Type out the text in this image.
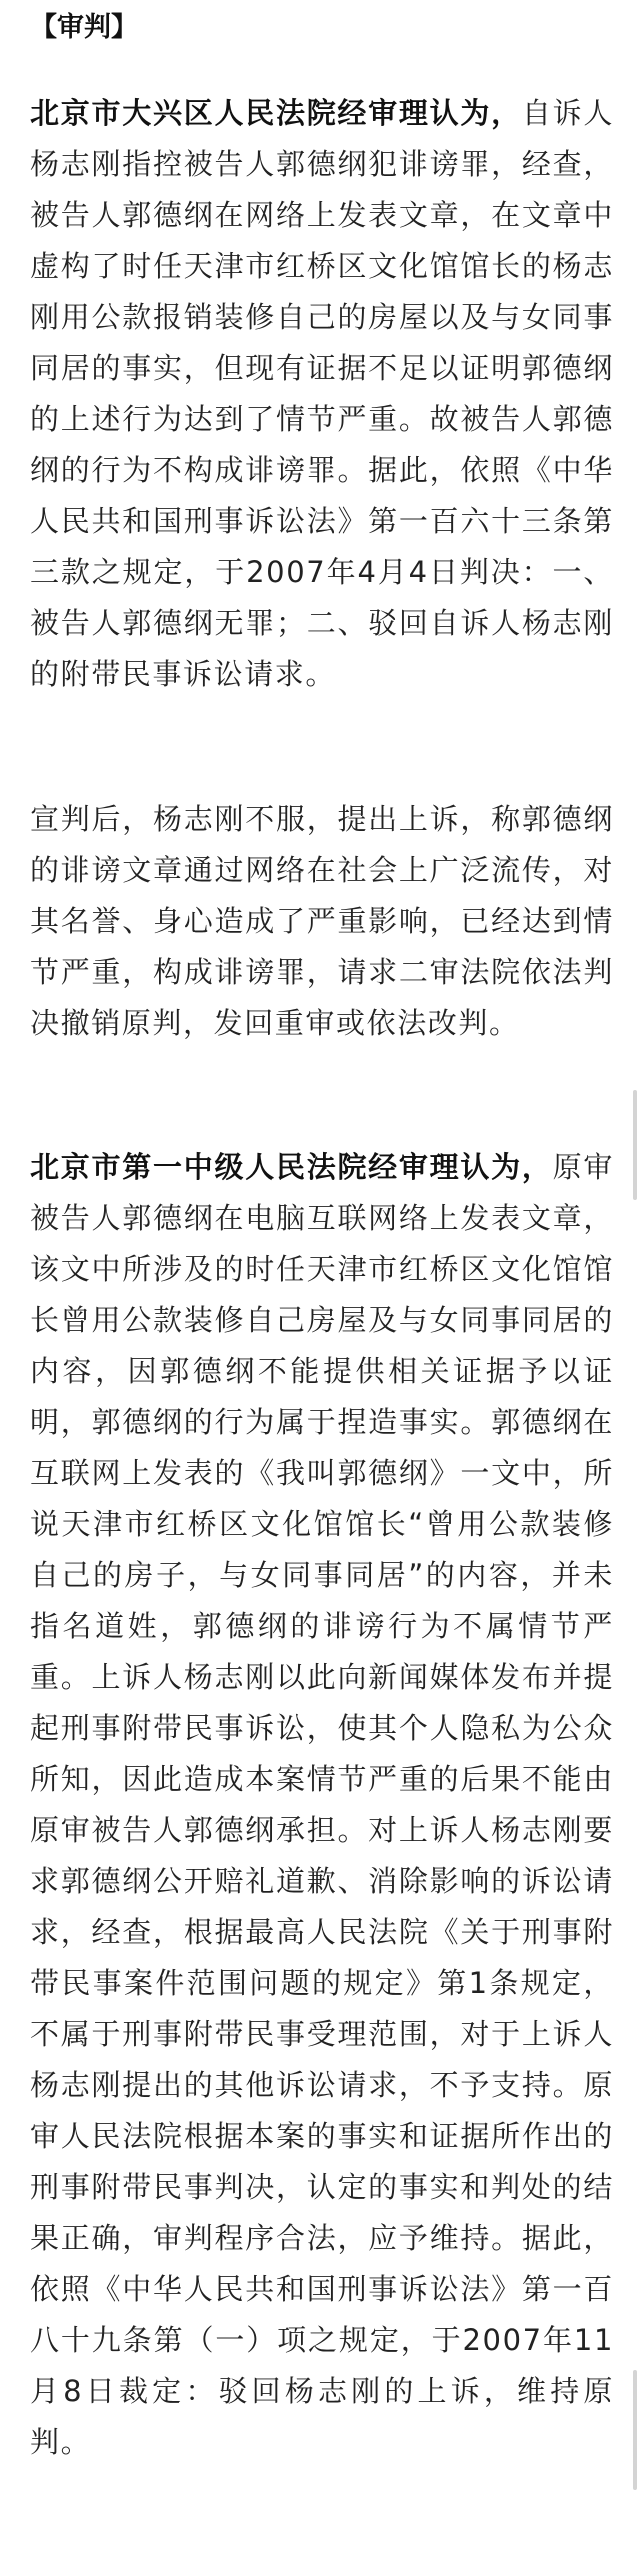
【审判】

北京市大兴区人民法院经审理认为，自诉人杨志刚指控被告人郭德纲犯诽谤罪，经查，被告人郭德纲在网络上发表文章，在文章中虚构了时任天津市红桥区文化馆馆长的杨志刚用公款报销装修自己的房屋以及与女同事同居的事实，但现有证据不足以证明郭德纲的上述行为达到了情节严重。故被告人郭德纲的行为不构成诽谤罪。据此，依照《中华人民共和国刑事诉讼法》第一百六十三条第三款之规定，于2007年4月4日判决：一、被告人郭德纲无罪；二、驳回自诉人杨志刚的附带民事诉讼请求。

宣判后，杨志刚不服，提出上诉，称郭德纲的诽谤文章通过网络在社会上广泛流传，对其名誉、身心造成了严重影响，已经达到情节严重，构成诽谤罪，请求二审法院依法判决撤销原判，发回重审或依法改判。

北京市第一中级人民法院经审理认为，原审被告人郭德纲在电脑互联网络上发表文章，该文中所涉及的时任天津市红桥区文化馆馆长曾用公款装修自己房屋及与女同事同居的内容，因郭德纲不能提供相关证据予以证明，郭德纲的行为属于捏造事实。郭德纲在互联网上发表的《我叫郭德纲》一文中，所说天津市红桥区文化馆馆长“曾用公款装修自己的房子，与女同事同居”的内容，并未指名道姓，郭德纲的诽谤行为不属情节严重。上诉人杨志刚以此向新闻媒体发布并提起刑事附带民事诉讼，使其个人隐私为公众所知，因此造成本案情节严重的后果不能由原审被告人郭德纲承担。对上诉人杨志刚要求郭德纲公开赔礼道歉、消除影响的诉讼请求，经查，根据最高人民法院《关于刑事附带民事案件范围问题的规定》第1条规定，不属于刑事附带民事受理范围，对于上诉人杨志刚提出的其他诉讼请求，不予支持。原审人民法院根据本案的事实和证据所作出的刑事附带民事判决，认定的事实和判处的结果正确，审判程序合法，应予维持。据此，依照《中华人民共和国刑事诉讼法》第一百八十九条第（一）项之规定，于2007年11月8日裁定：驳回杨志刚的上诉，维持原判。
